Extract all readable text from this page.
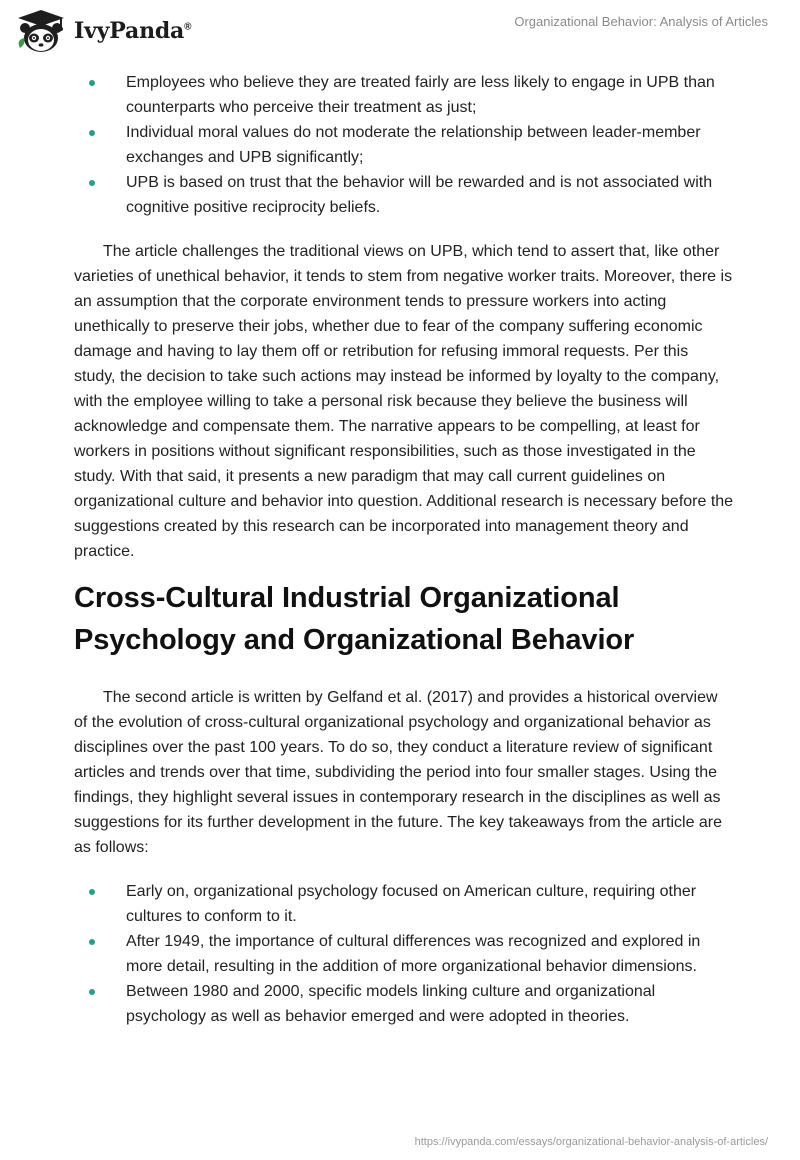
IvyPanda®	Organizational Behavior: Analysis of Articles
Employees who believe they are treated fairly are less likely to engage in UPB than counterparts who perceive their treatment as just;
Individual moral values do not moderate the relationship between leader-member exchanges and UPB significantly;
UPB is based on trust that the behavior will be rewarded and is not associated with cognitive positive reciprocity beliefs.

The article challenges the traditional views on UPB, which tend to assert that, like other varieties of unethical behavior, it tends to stem from negative worker traits. Moreover, there is an assumption that the corporate environment tends to pressure workers into acting unethically to preserve their jobs, whether due to fear of the company suffering economic damage and having to lay them off or retribution for refusing immoral requests. Per this study, the decision to take such actions may instead be informed by loyalty to the company, with the employee willing to take a personal risk because they believe the business will acknowledge and compensate them. The narrative appears to be compelling, at least for workers in positions without significant responsibilities, such as those investigated in the study. With that said, it presents a new paradigm that may call current guidelines on organizational culture and behavior into question. Additional research is necessary before the suggestions created by this research can be incorporated into management theory and practice.

Cross-Cultural Industrial Organizational Psychology and Organizational Behavior

The second article is written by Gelfand et al. (2017) and provides a historical overview of the evolution of cross-cultural organizational psychology and organizational behavior as disciplines over the past 100 years. To do so, they conduct a literature review of significant articles and trends over that time, subdividing the period into four smaller stages. Using the findings, they highlight several issues in contemporary research in the disciplines as well as suggestions for its further development in the future. The key takeaways from the article are as follows:

Early on, organizational psychology focused on American culture, requiring other cultures to conform to it.
After 1949, the importance of cultural differences was recognized and explored in more detail, resulting in the addition of more organizational behavior dimensions.
Between 1980 and 2000, specific models linking culture and organizational psychology as well as behavior emerged and were adopted in theories.
https://ivypanda.com/essays/organizational-behavior-analysis-of-articles/
